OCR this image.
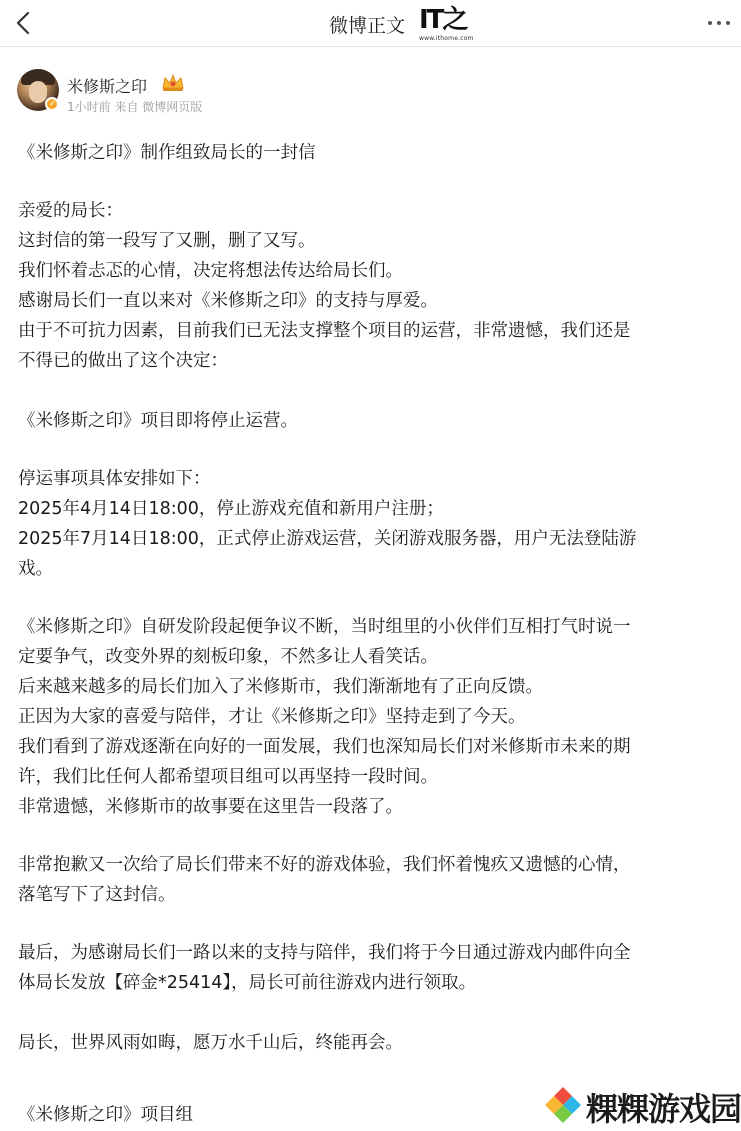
微博正文 IT之
www.ithome.com
✓
米修斯之印
1小时前 来自 微博网页版
《米修斯之印》制作组致局长的一封信
亲爱的局长：
这封信的第一段写了又删，删了又写。
我们怀着忐忑的心情，决定将想法传达给局长们。
感谢局长们一直以来对《米修斯之印》的支持与厚爱。
由于不可抗力因素，目前我们已无法支撑整个项目的运营，非常遗憾，我们还是
不得已的做出了这个决定：
《米修斯之印》项目即将停止运营。
停运事项具体安排如下：
2025年4月14日18:00，停止游戏充值和新用户注册；
2025年7月14日18:00，正式停止游戏运营，关闭游戏服务器，用户无法登陆游
戏。
《米修斯之印》自研发阶段起便争议不断，当时组里的小伙伴们互相打气时说一
定要争气，改变外界的刻板印象，不然多让人看笑话。
后来越来越多的局长们加入了米修斯市，我们渐渐地有了正向反馈。
正因为大家的喜爱与陪伴，才让《米修斯之印》坚持走到了今天。
我们看到了游戏逐渐在向好的一面发展，我们也深知局长们对米修斯市未来的期
许，我们比任何人都希望项目组可以再坚持一段时间。
非常遗憾，米修斯市的故事要在这里告一段落了。
非常抱歉又一次给了局长们带来不好的游戏体验，我们怀着愧疚又遗憾的心情，
落笔写下了这封信。
最后，为感谢局长们一路以来的支持与陪伴，我们将于今日通过游戏内邮件向全
体局长发放【碎金*25414】，局长可前往游戏内进行领取。
局长，世界风雨如晦，愿万水千山后，终能再会。
《米修斯之印》项目组	粿粿游戏园
